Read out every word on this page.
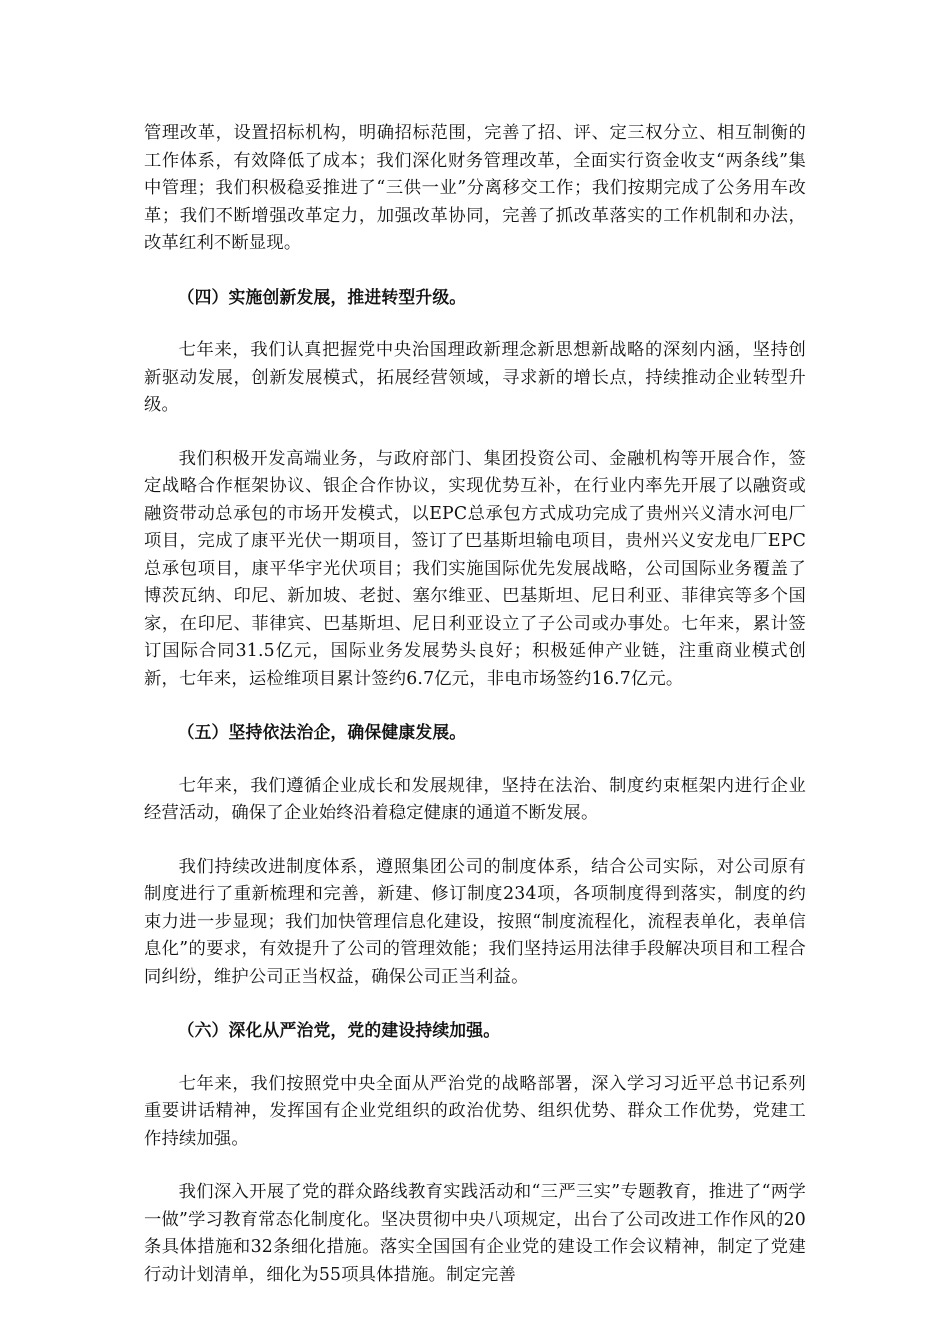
管理改革，设置招标机构，明确招标范围，完善了招、评、定三权分立、相互制衡的工作体系，有效降低了成本；我们深化财务管理改革，全面实行资金收支“两条线”集中管理；我们积极稳妥推进了“三供一业”分离移交工作；我们按期完成了公务用车改革；我们不断增强改革定力，加强改革协同，完善了抓改革落实的工作机制和办法，改革红利不断显现。

（四）实施创新发展，推进转型升级。

七年来，我们认真把握党中央治国理政新理念新思想新战略的深刻内涵，坚持创新驱动发展，创新发展模式，拓展经营领域，寻求新的增长点，持续推动企业转型升级。

我们积极开发高端业务，与政府部门、集团投资公司、金融机构等开展合作，签定战略合作框架协议、银企合作协议，实现优势互补，在行业内率先开展了以融资或融资带动总承包的市场开发模式，以EPC总承包方式成功完成了贵州兴义清水河电厂项目，完成了康平光伏一期项目，签订了巴基斯坦输电项目，贵州兴义安龙电厂EPC总承包项目，康平华宇光伏项目；我们实施国际优先发展战略，公司国际业务覆盖了博茨瓦纳、印尼、新加坡、老挝、塞尔维亚、巴基斯坦、尼日利亚、菲律宾等多个国家，在印尼、菲律宾、巴基斯坦、尼日利亚设立了子公司或办事处。七年来，累计签订国际合同31.5亿元，国际业务发展势头良好；积极延伸产业链，注重商业模式创新，七年来，运检维项目累计签约6.7亿元，非电市场签约16.7亿元。

（五）坚持依法治企，确保健康发展。

七年来，我们遵循企业成长和发展规律，坚持在法治、制度约束框架内进行企业经营活动，确保了企业始终沿着稳定健康的通道不断发展。

我们持续改进制度体系，遵照集团公司的制度体系，结合公司实际，对公司原有制度进行了重新梳理和完善，新建、修订制度234项，各项制度得到落实，制度的约束力进一步显现；我们加快管理信息化建设，按照“制度流程化，流程表单化，表单信息化”的要求，有效提升了公司的管理效能；我们坚持运用法律手段解决项目和工程合同纠纷，维护公司正当权益，确保公司正当利益。

（六）深化从严治党，党的建设持续加强。

七年来，我们按照党中央全面从严治党的战略部署，深入学习习近平总书记系列重要讲话精神，发挥国有企业党组织的政治优势、组织优势、群众工作优势，党建工作持续加强。

我们深入开展了党的群众路线教育实践活动和“三严三实”专题教育，推进了“两学一做”学习教育常态化制度化。坚决贯彻中央八项规定，出台了公司改进工作作风的20条具体措施和32条细化措施。落实全国国有企业党的建设工作会议精神，制定了党建行动计划清单，细化为55项具体措施。制定完善
